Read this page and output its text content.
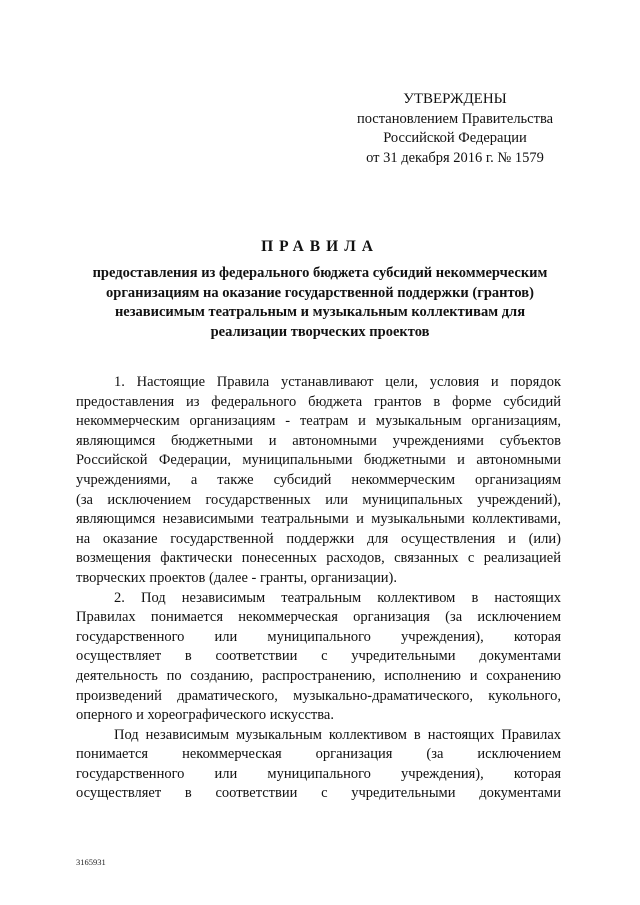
УТВЕРЖДЕНЫ
постановлением Правительства
Российской Федерации
от 31 декабря 2016 г. № 1579
ПРАВИЛА
предоставления из федерального бюджета субсидий некоммерческим
организациям на оказание государственной поддержки (грантов)
независимым театральным и музыкальным коллективам для
реализации творческих проектов
1. Настоящие Правила устанавливают цели, условия и порядок
предоставления из федерального бюджета грантов в форме субсидий
некоммерческим организациям - театрам и музыкальным организациям,
являющимся бюджетными и автономными учреждениями субъектов
Российской Федерации, муниципальными бюджетными и автономными
учреждениями, а также субсидий некоммерческим организациям
(за исключением государственных или муниципальных учреждений),
являющимся независимыми театральными и музыкальными коллективами,
на оказание государственной поддержки для осуществления и (или)
возмещения фактически понесенных расходов, связанных с реализацией
творческих проектов (далее - гранты, организации).
2. Под независимым театральным коллективом в настоящих
Правилах понимается некоммерческая организация (за исключением
государственного или муниципального учреждения), которая
осуществляет в соответствии с учредительными документами
деятельность по созданию, распространению, исполнению и сохранению
произведений драматического, музыкально-драматического, кукольного,
оперного и хореографического искусства.
Под независимым музыкальным коллективом в настоящих Правилах
понимается некоммерческая организация (за исключением
государственного или муниципального учреждения), которая
осуществляет в соответствии с учредительными документами
3165931
